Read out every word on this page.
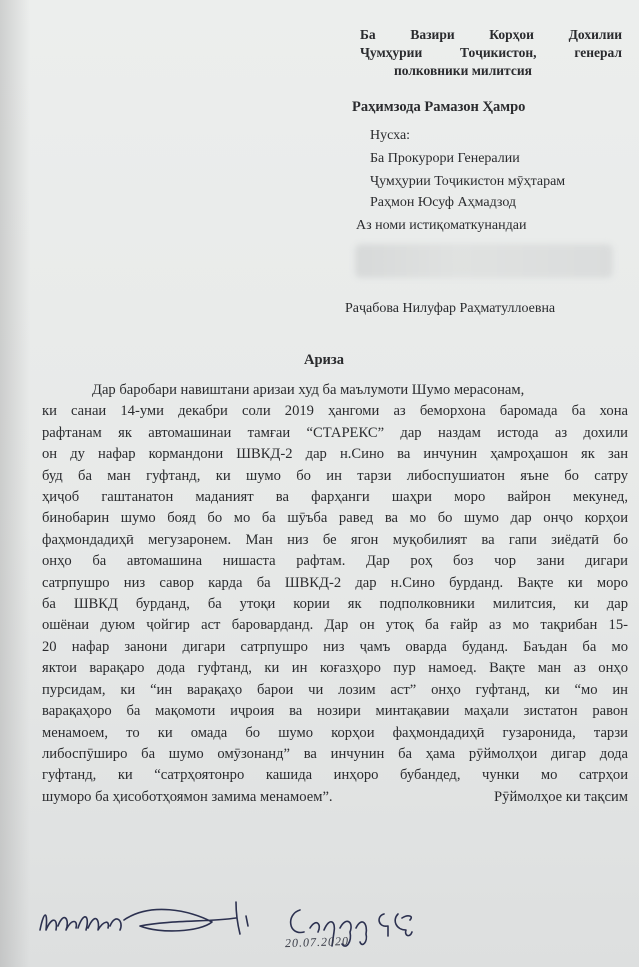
Ба Вазири Корҳои Дохилии
Ҷумҳурии Тоҷикистон, генерал
полковники милитсия
Раҳимзода Рамазон Ҳамро
Нусха:
Ба Прокурори Генералии
Ҷумҳурии Тоҷикистон мӯҳтарам
Раҳмон Юсуф Аҳмадзод
Аз номи истиқоматкунандаи
Раҷабова Нилуфар Раҳматуллоевна
Ариза
Дар баробари навиштани аризаи худ ба маълумоти Шумо мерасонам,
ки санаи 14-уми декабри соли 2019 ҳангоми аз беморхона баромада ба хона
рафтанам як автомашинаи тамғаи “СТАРЕКС” дар наздам истода аз дохили
он ду нафар кормандони ШВКД-2 дар н.Сино ва инчунин ҳамроҳашон як зан
буд ба ман гуфтанд, ки шумо бо ин тарзи либоспушиатон яъне бо сатру
ҳиҷоб гаштанатон маданият ва фарҳанги шаҳри моро вайрон мекунед,
бинобарин шумо бояд бо мо ба шӯъба равед ва мо бо шумо дар онҷо корҳои
фаҳмондадиҳӣ мегузаронем. Ман низ бе ягон муқобилият ва гапи зиёдатӣ бо
онҳо ба автомашина нишаста рафтам. Дар роҳ боз чор зани дигари
сатрпушро низ савор карда ба ШВКД-2 дар н.Сино бурданд. Вақте ки моро
ба ШВКД бурданд, ба утоқи кории як подполковники милитсия, ки дар
ошёнаи дуюм ҷойгир аст бароварданд. Дар он утоқ ба ғайр аз мо тақрибан 15-
20 нафар занони дигари сатрпушро низ ҷамъ оварда буданд. Баъдан ба мо
яктои варақаро дода гуфтанд, ки ин коғазҳоро пур намоед. Вақте ман аз онҳо
пурсидам, ки “ин варақаҳо барои чи лозим аст” онҳо гуфтанд, ки “мо ин
варақаҳоро ба мақомоти иҷроия ва нозири минтақавии маҳали зистатон равон
менамоем, то ки омада бо шумо корҳои фаҳмондадиҳӣ гузаронида, тарзи
либоспӯширо ба шумо омӯзонанд” ва инчунин ба ҳама рӯймолҳои дигар дода
гуфтанд, ки “сатрҳоятонро кашида инҳоро бубандед, чунки мо сатрҳои
шуморо ба ҳисоботҳоямон замима менамоем”.	Рӯймолҳое ки тақсим
20.07.2020
